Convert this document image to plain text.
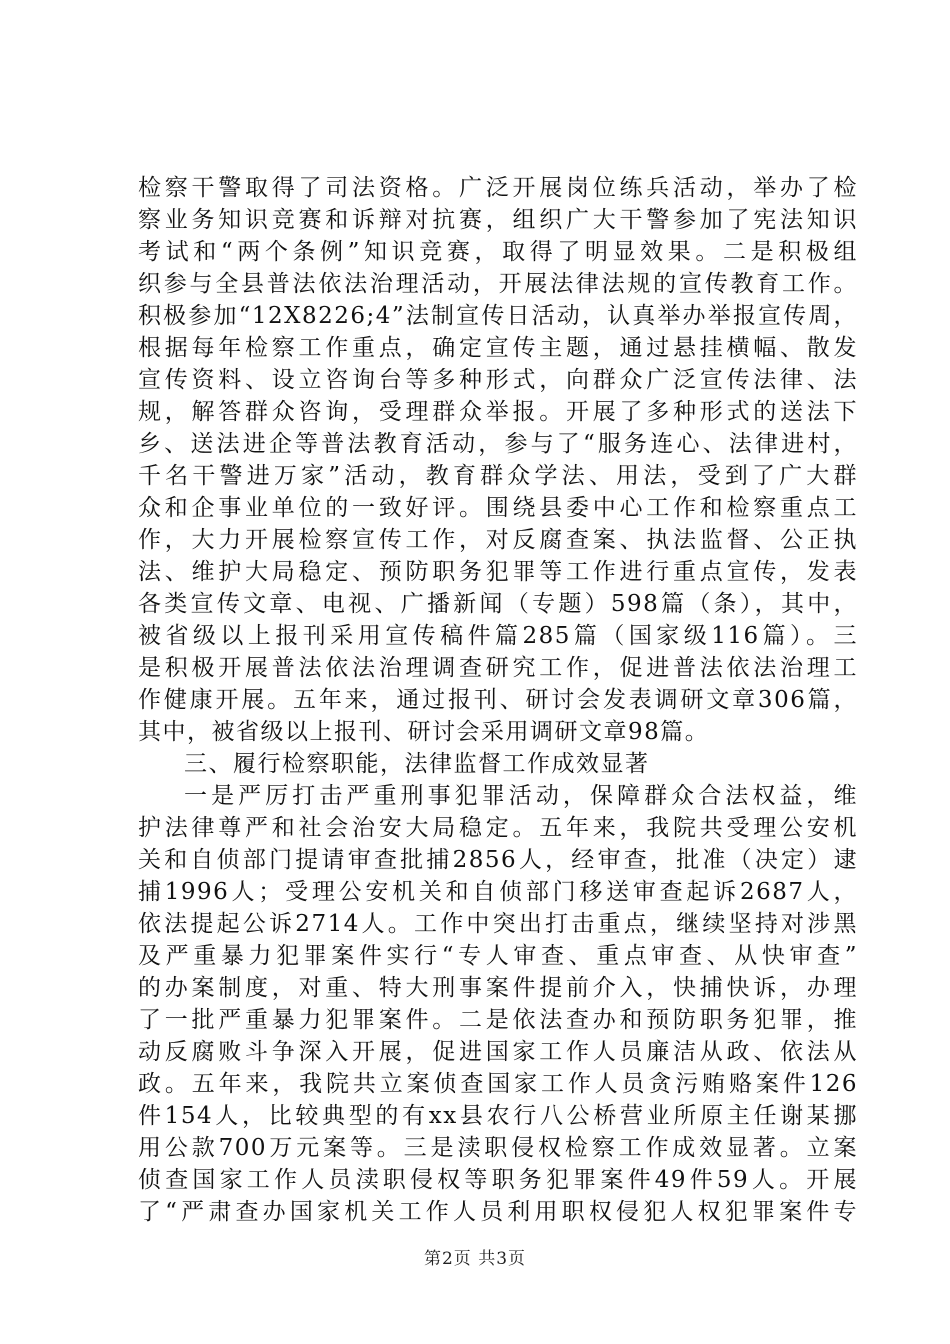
检察干警取得了司法资格。广泛开展岗位练兵活动，举办了检
察业务知识竞赛和诉辩对抗赛，组织广大干警参加了宪法知识
考试和“两个条例”知识竞赛，取得了明显效果。二是积极组
织参与全县普法依法治理活动，开展法律法规的宣传教育工作。
积极参加“12X8226;4”法制宣传日活动，认真举办举报宣传周，
根据每年检察工作重点，确定宣传主题，通过悬挂横幅、散发
宣传资料、设立咨询台等多种形式，向群众广泛宣传法律、法
规，解答群众咨询，受理群众举报。开展了多种形式的送法下
乡、送法进企等普法教育活动，参与了“服务连心、法律进村，
千名干警进万家”活动，教育群众学法、用法，受到了广大群
众和企事业单位的一致好评。围绕县委中心工作和检察重点工
作，大力开展检察宣传工作，对反腐查案、执法监督、公正执
法、维护大局稳定、预防职务犯罪等工作进行重点宣传，发表
各类宣传文章、电视、广播新闻（专题）598篇（条），其中，
被省级以上报刊采用宣传稿件篇285篇（国家级116篇）。三
是积极开展普法依法治理调查研究工作，促进普法依法治理工
作健康开展。五年来，通过报刊、研讨会发表调研文章306篇，
其中，被省级以上报刊、研讨会采用调研文章98篇。
三、履行检察职能，法律监督工作成效显著
一是严厉打击严重刑事犯罪活动，保障群众合法权益，维
护法律尊严和社会治安大局稳定。五年来，我院共受理公安机
关和自侦部门提请审查批捕2856人，经审查，批准（决定）逮
捕1996人；受理公安机关和自侦部门移送审查起诉2687人，
依法提起公诉2714人。工作中突出打击重点，继续坚持对涉黑
及严重暴力犯罪案件实行“专人审查、重点审查、从快审查”
的办案制度，对重、特大刑事案件提前介入，快捕快诉，办理
了一批严重暴力犯罪案件。二是依法查办和预防职务犯罪，推
动反腐败斗争深入开展，促进国家工作人员廉洁从政、依法从
政。五年来，我院共立案侦查国家工作人员贪污贿赂案件126
件154人，比较典型的有xx县农行八公桥营业所原主任谢某挪
用公款700万元案等。三是渎职侵权检察工作成效显著。立案
侦查国家工作人员渎职侵权等职务犯罪案件49件59人。开展
了“严肃查办国家机关工作人员利用职权侵犯人权犯罪案件专
第2页 共3页
